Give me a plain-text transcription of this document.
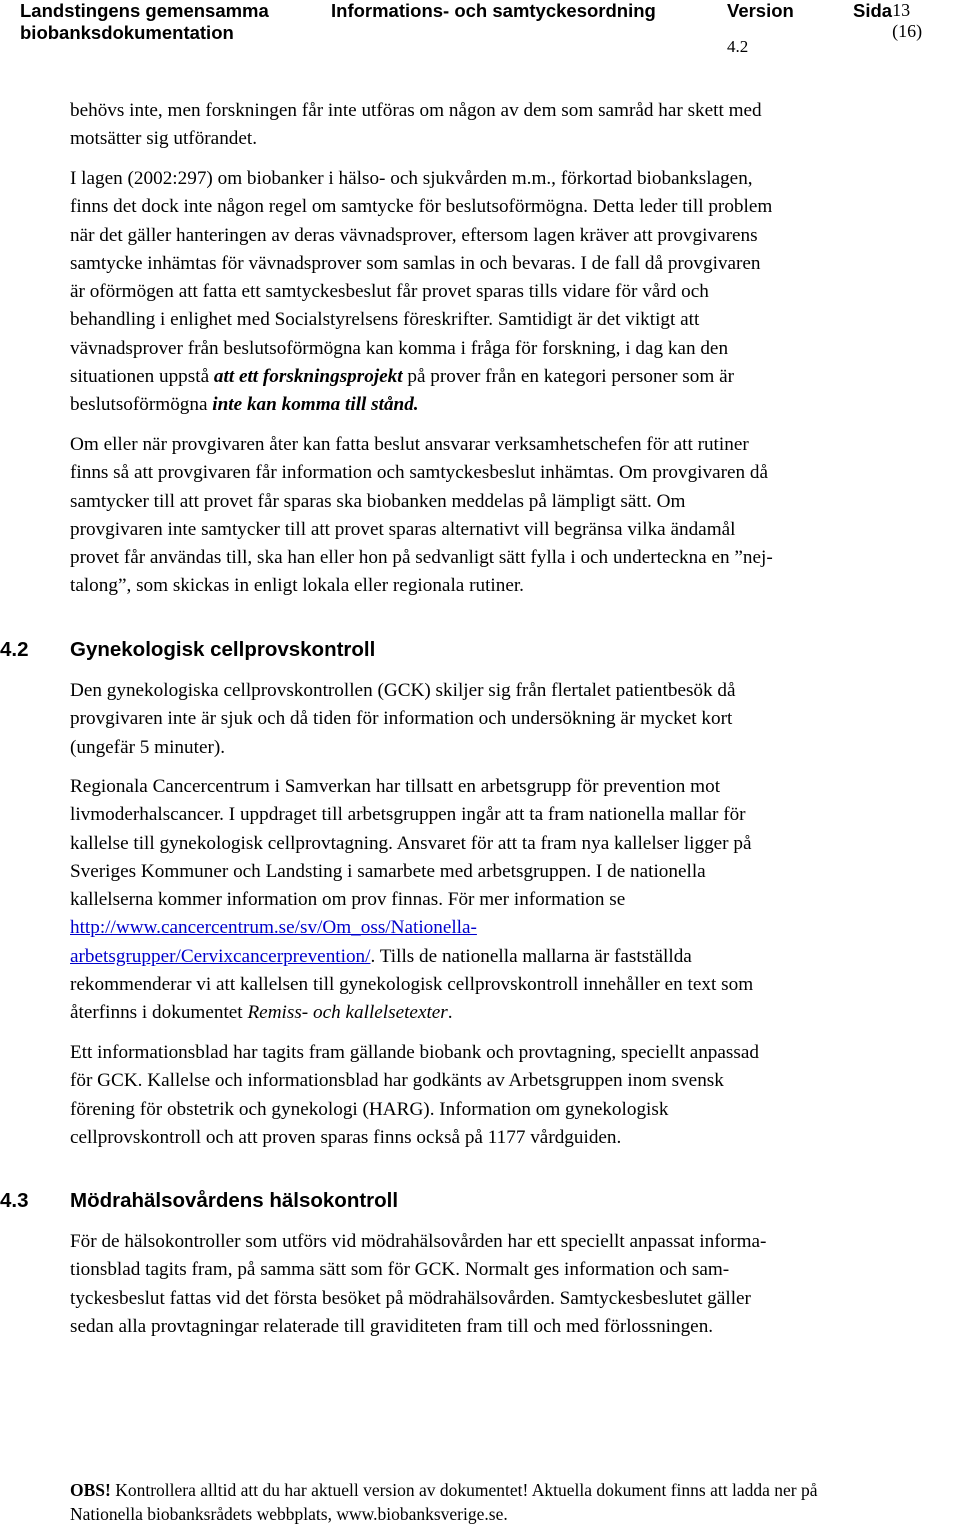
Landstingens gemensamma
biobanksdokumentation
Informations- och samtyckesordning	Version
4.2
Sida 13 (16)

behövs inte, men forskningen får inte utföras om någon av dem som samråd har skett med
motsätter sig utförandet.

I lagen (2002:297) om biobanker i hälso- och sjukvården m.m., förkortad biobankslagen,
finns det dock inte någon regel om samtycke för beslutsoförmögna. Detta leder till problem
när det gäller hanteringen av deras vävnadsprover, eftersom lagen kräver att provgivarens
samtycke inhämtas för vävnadsprover som samlas in och bevaras. I de fall då provgivaren
är oförmögen att fatta ett samtyckesbeslut får provet sparas tills vidare för vård och
behandling i enlighet med Socialstyrelsens föreskrifter. Samtidigt är det viktigt att
vävnadsprover från beslutsoförmögna kan komma i fråga för forskning, i dag kan den
situationen uppstå att ett forskningsprojekt på prover från en kategori personer som är
beslutsoförmögna inte kan komma till stånd.

Om eller när provgivaren åter kan fatta beslut ansvarar verksamhetschefen för att rutiner
finns så att provgivaren får information och samtyckesbeslut inhämtas. Om provgivaren då
samtycker till att provet får sparas ska biobanken meddelas på lämpligt sätt. Om
provgivaren inte samtycker till att provet sparas alternativt vill begränsa vilka ändamål
provet får användas till, ska han eller hon på sedvanligt sätt fylla i och underteckna en ”nej-
talong”, som skickas in enligt lokala eller regionala rutiner.

4.2 Gynekologisk cellprovskontroll

Den gynekologiska cellprovskontrollen (GCK) skiljer sig från flertalet patientbesök då
provgivaren inte är sjuk och då tiden för information och undersökning är mycket kort
(ungefär 5 minuter).

Regionala Cancercentrum i Samverkan har tillsatt en arbetsgrupp för prevention mot
livmoderhalscancer. I uppdraget till arbetsgruppen ingår att ta fram nationella mallar för
kallelse till gynekologisk cellprovtagning. Ansvaret för att ta fram nya kallelser ligger på
Sveriges Kommuner och Landsting i samarbete med arbetsgruppen. I de nationella
kallelserna kommer information om prov finnas. För mer information se
http://www.cancercentrum.se/sv/Om_oss/Nationella-
arbetsgrupper/Cervixcancerprevention/. Tills de nationella mallarna är fastställda
rekommenderar vi att kallelsen till gynekologisk cellprovskontroll innehåller en text som
återfinns i dokumentet Remiss- och kallelsetexter.

Ett informationsblad har tagits fram gällande biobank och provtagning, speciellt anpassad
för GCK. Kallelse och informationsblad har godkänts av Arbetsgruppen inom svensk
förening för obstetrik och gynekologi (HARG). Information om gynekologisk
cellprovskontroll och att proven sparas finns också på 1177 vårdguiden.

4.3 Mödrahälsovårdens hälsokontroll

För de hälsokontroller som utförs vid mödrahälsovården har ett speciellt anpassat informa-
tionsblad tagits fram, på samma sätt som för GCK. Normalt ges information och sam-
tyckesbeslut fattas vid det första besöket på mödrahälsovården. Samtyckesbeslutet gäller
sedan alla provtagningar relaterade till graviditeten fram till och med förlossningen.

OBS! Kontrollera alltid att du har aktuell version av dokumentet! Aktuella dokument finns att ladda ner på
Nationella biobanksrådets webbplats, www.biobanksverige.se.
